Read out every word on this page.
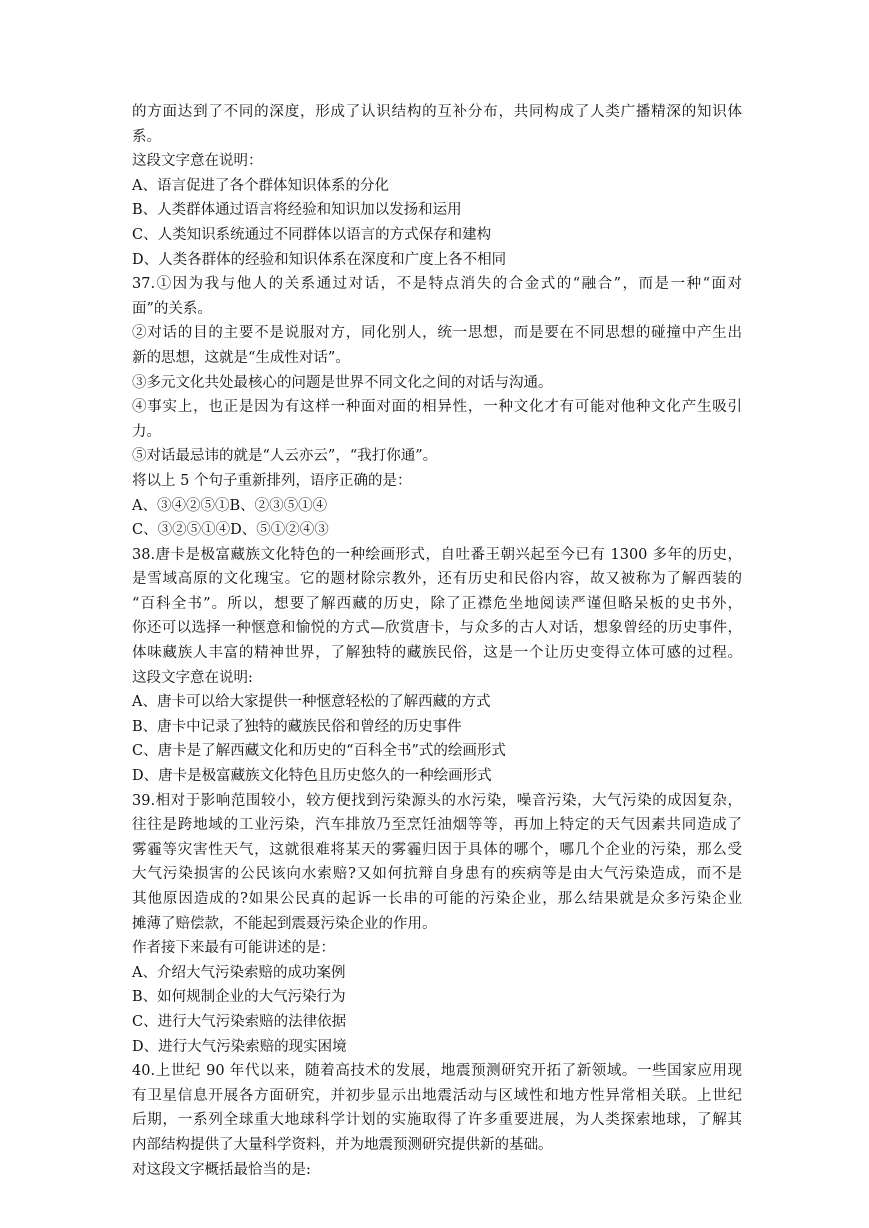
的方面达到了不同的深度，形成了认识结构的互补分布，共同构成了人类广播精深的知识体
系。
这段文字意在说明：
A、语言促进了各个群体知识体系的分化
B、人类群体通过语言将经验和知识加以发扬和运用
C、人类知识系统通过不同群体以语言的方式保存和建构
D、人类各群体的经验和知识体系在深度和广度上各不相同
37.①因为我与他人的关系通过对话，不是特点消失的合金式的“融合”，而是一种“面对
面”的关系。
②对话的目的主要不是说服对方，同化别人，统一思想，而是要在不同思想的碰撞中产生出
新的思想，这就是“生成性对话”。
③多元文化共处最核心的问题是世界不同文化之间的对话与沟通。
④事实上，也正是因为有这样一种面对面的相异性，一种文化才有可能对他种文化产生吸引
力。
⑤对话最忌讳的就是“人云亦云”，“我打你通”。
将以上 5 个句子重新排列，语序正确的是：
A、③④②⑤①B、②③⑤①④
C、③②⑤①④D、⑤①②④③
38.唐卡是极富藏族文化特色的一种绘画形式，自吐番王朝兴起至今已有 1300 多年的历史，
是雪域高原的文化瑰宝。它的题材除宗教外，还有历史和民俗内容，故又被称为了解西装的
“百科全书”。所以，想要了解西藏的历史，除了正襟危坐地阅读严谨但略呆板的史书外，
你还可以选择一种惬意和愉悦的方式—欣赏唐卡，与众多的古人对话，想象曾经的历史事件，
体味藏族人丰富的精神世界，了解独特的藏族民俗，这是一个让历史变得立体可感的过程。
这段文字意在说明:
A、唐卡可以给大家提供一种惬意轻松的了解西藏的方式
B、唐卡中记录了独特的藏族民俗和曾经的历史事件
C、唐卡是了解西藏文化和历史的“百科全书”式的绘画形式
D、唐卡是极富藏族文化特色且历史悠久的一种绘画形式
39.相对于影响范围较小，较方便找到污染源头的水污染，噪音污染，大气污染的成因复杂，
往往是跨地域的工业污染，汽车排放乃至烹饪油烟等等，再加上特定的天气因素共同造成了
雾霾等灾害性天气，这就很难将某天的雾霾归因于具体的哪个，哪几个企业的污染，那么受
大气污染损害的公民该向水索赔?又如何抗辩自身患有的疾病等是由大气污染造成，而不是
其他原因造成的?如果公民真的起诉一长串的可能的污染企业，那么结果就是众多污染企业
摊薄了赔偿款，不能起到震聂污染企业的作用。
作者接下来最有可能讲述的是：
A、介绍大气污染索赔的成功案例
B、如何规制企业的大气污染行为
C、进行大气污染索赔的法律依据
D、进行大气污染索赔的现实困境
40.上世纪 90 年代以来，随着高技术的发展，地震预测研究开拓了新领域。一些国家应用现
有卫星信息开展各方面研究，并初步显示出地震活动与区域性和地方性异常相关联。上世纪
后期，一系列全球重大地球科学计划的实施取得了许多重要进展，为人类探索地球，了解其
内部结构提供了大量科学资料，并为地震预测研究提供新的基础。
对这段文字概括最恰当的是:
